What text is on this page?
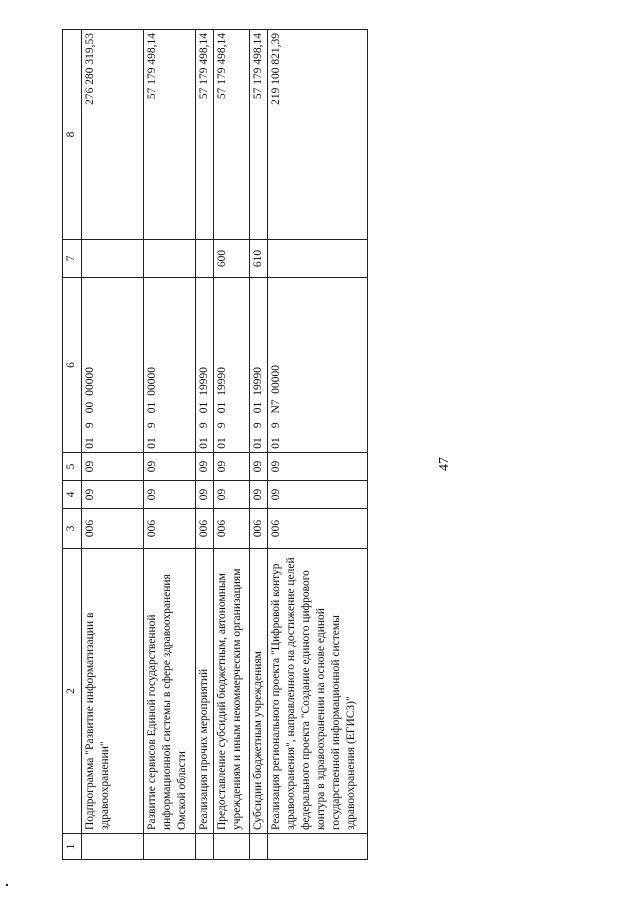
47
1	2	3	4	5	6	7	8
	Подпрограмма "Развитие информатизации в здравоохранении"	006	09	09	01  9  00  00000		276 280 319,53
	Развитие сервисов Единой государственной информационной системы в сфере здравоохранения Омской области	006	09	09	01  9  01  00000		57 179 498,14
	Реализация прочих мероприятий	006	09	09	01  9  01  19990		57 179 498,14
	Предоставление субсидий бюджетным, автономным учреждениям и иным некоммерческим организациям	006	09	09	01  9  01  19990	600	57 179 498,14
	Субсидии бюджетным учреждениям	006	09	09	01  9  01  19990	610	57 179 498,14
	Реализация регионального проекта "Цифровой контур здравоохранения", направленного на достижение целей федерального проекта "Создание единого цифрового контура в здравоохранении на основе единой государственной информационной системы здравоохранения (ЕГИСЗ)"	006	09	09	01  9  N7  00000		219 100 821,39
